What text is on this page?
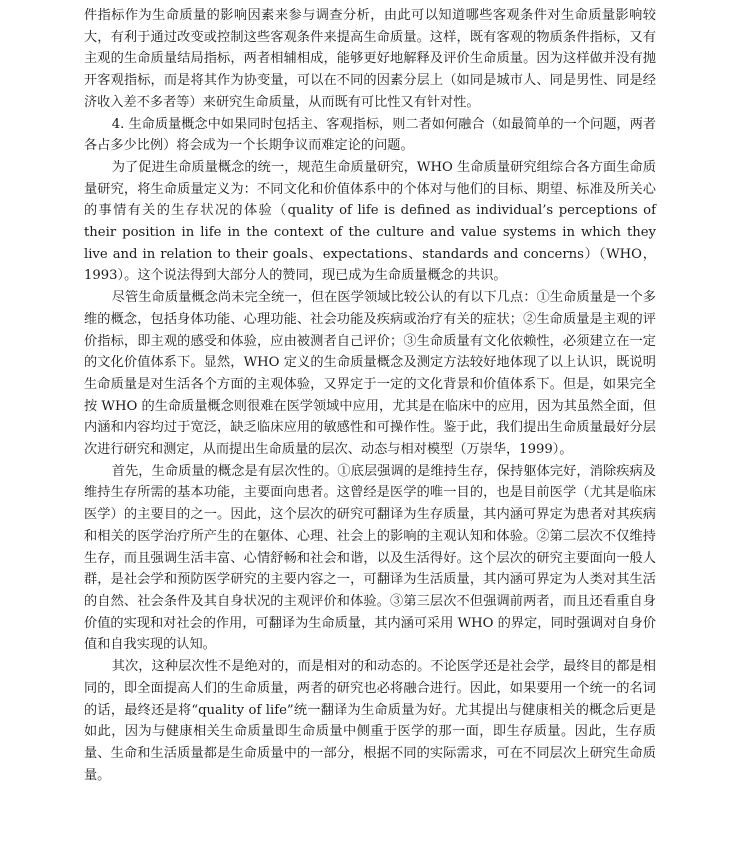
件指标作为生命质量的影响因素来参与调查分析，由此可以知道哪些客观条件对生命质量影响较大，有利于通过改变或控制这些客观条件来提高生命质量。这样，既有客观的物质条件指标，又有主观的生命质量结局指标，两者相辅相成，能够更好地解释及评价生命质量。因为这样做并没有抛开客观指标，而是将其作为协变量，可以在不同的因素分层上（如同是城市人、同是男性、同是经济收入差不多者等）来研究生命质量，从而既有可比性又有针对性。

4. 生命质量概念中如果同时包括主、客观指标，则二者如何融合（如最简单的一个问题，两者各占多少比例）将会成为一个长期争议而难定论的问题。

为了促进生命质量概念的统一，规范生命质量研究，WHO 生命质量研究组综合各方面生命质量研究，将生命质量定义为：不同文化和价值体系中的个体对与他们的目标、期望、标准及所关心的事情有关的生存状况的体验（quality of life is defined as individual’s perceptions of their position in life in the context of the culture and value systems in which they live and in relation to their goals、expectations、standards and concerns）（WHO，1993）。这个说法得到大部分人的赞同，现已成为生命质量概念的共识。

尽管生命质量概念尚未完全统一，但在医学领域比较公认的有以下几点：①生命质量是一个多维的概念，包括身体功能、心理功能、社会功能及疾病或治疗有关的症状；②生命质量是主观的评价指标，即主观的感受和体验，应由被测者自己评价；③生命质量有文化依赖性，必须建立在一定的文化价值体系下。显然，WHO 定义的生命质量概念及测定方法较好地体现了以上认识，既说明生命质量是对生活各个方面的主观体验，又界定于一定的文化背景和价值体系下。但是，如果完全按 WHO 的生命质量概念则很难在医学领域中应用，尤其是在临床中的应用，因为其虽然全面，但内涵和内容均过于宽泛，缺乏临床应用的敏感性和可操作性。鉴于此，我们提出生命质量最好分层次进行研究和测定，从而提出生命质量的层次、动态与相对模型（万崇华，1999）。

首先，生命质量的概念是有层次性的。①底层强调的是维持生存，保持躯体完好，消除疾病及维持生存所需的基本功能，主要面向患者。这曾经是医学的唯一目的，也是目前医学（尤其是临床医学）的主要目的之一。因此，这个层次的研究可翻译为生存质量，其内涵可界定为患者对其疾病和相关的医学治疗所产生的在躯体、心理、社会上的影响的主观认知和体验。②第二层次不仅维持生存，而且强调生活丰富、心情舒畅和社会和谐，以及生活得好。这个层次的研究主要面向一般人群，是社会学和预防医学研究的主要内容之一，可翻译为生活质量，其内涵可界定为人类对其生活的自然、社会条件及其自身状况的主观评价和体验。③第三层次不但强调前两者，而且还看重自身价值的实现和对社会的作用，可翻译为生命质量，其内涵可采用 WHO 的界定，同时强调对自身价值和自我实现的认知。

其次，这种层次性不是绝对的，而是相对的和动态的。不论医学还是社会学，最终目的都是相同的，即全面提高人们的生命质量，两者的研究也必将融合进行。因此，如果要用一个统一的名词的话，最终还是将“quality of life”统一翻译为生命质量为好。尤其提出与健康相关的概念后更是如此，因为与健康相关生命质量即生命质量中侧重于医学的那一面，即生存质量。因此，生存质量、生命和生活质量都是生命质量中的一部分，根据不同的实际需求，可在不同层次上研究生命质量。
